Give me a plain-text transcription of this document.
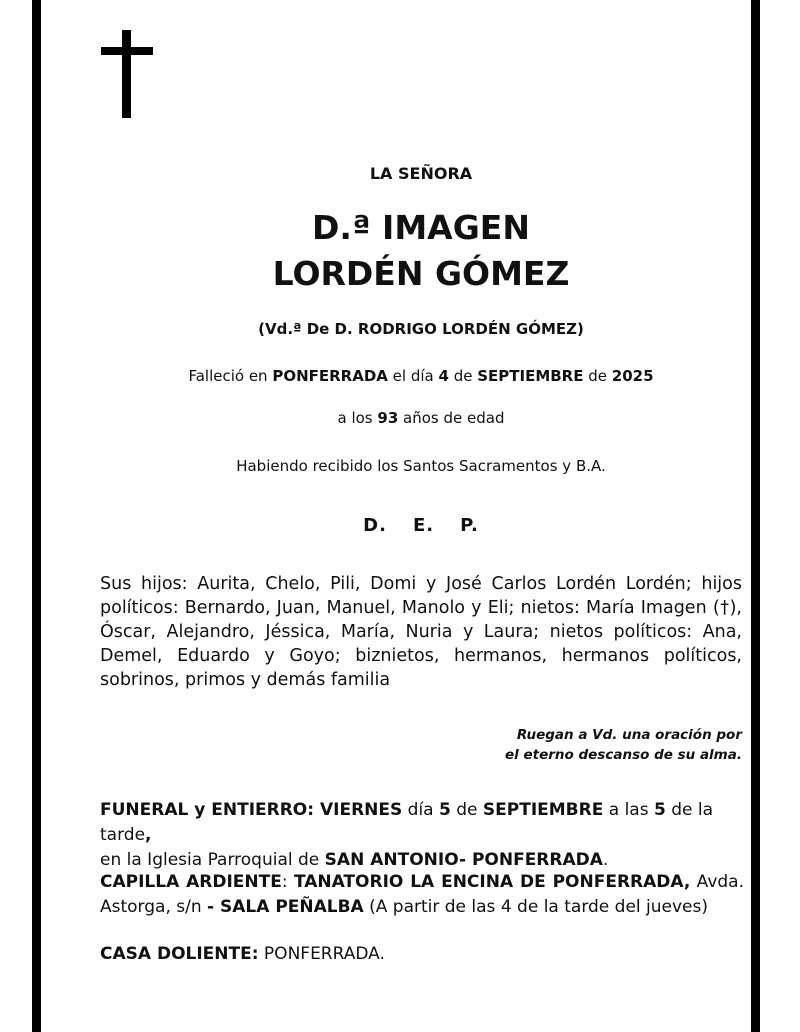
LA SEÑORA
D.ª IMAGEN
LORDÉN GÓMEZ
(Vd.ª De D. RODRIGO LORDÉN GÓMEZ)
Falleció en PONFERRADA el día 4 de SEPTIEMBRE de 2025
a los 93 años de edad
Habiendo recibido los Santos Sacramentos y B.A.
D. E. P.
Sus hijos: Aurita, Chelo, Pili, Domi y José Carlos Lordén Lordén; hijos políticos: Bernardo, Juan, Manuel, Manolo y Eli; nietos: María Imagen (†), Óscar, Alejandro, Jéssica, María, Nuria y Laura; nietos políticos: Ana, Demel, Eduardo y Goyo; biznietos, hermanos, hermanos políticos, sobrinos, primos y demás familia
Ruegan a Vd. una oración por
el eterno descanso de su alma.
FUNERAL y ENTIERRO: VIERNES día 5 de SEPTIEMBRE a las 5 de la tarde,
en la Iglesia Parroquial de SAN ANTONIO- PONFERRADA.
CAPILLA ARDIENTE: TANATORIO LA ENCINA DE PONFERRADA, Avda. Astorga, s/n - SALA PEÑALBA (A partir de las 4 de la tarde del jueves)
CASA DOLIENTE: PONFERRADA.
